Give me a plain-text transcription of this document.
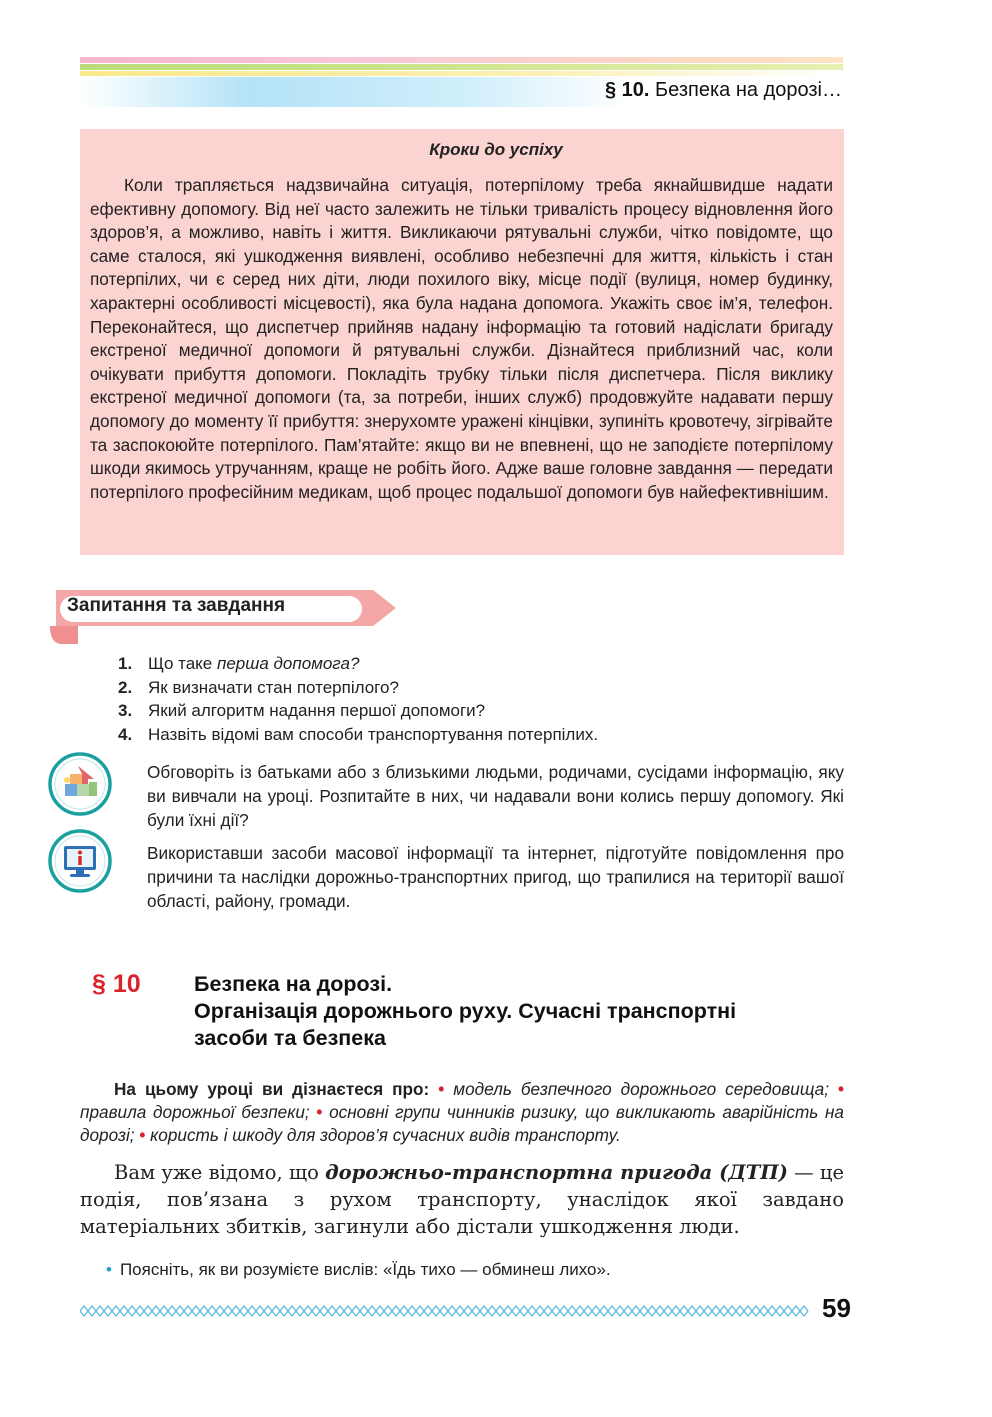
§ 10. Безпека на дорозі…
Кроки до успіху

Коли трапляється надзвичайна ситуація, потерпілому треба якнайшвидше надати ефективну допомогу. Від неї часто залежить не тільки тривалість процесу відновлення його здоров’я, а можливо, навіть і життя. Викликаючи рятувальні служби, чітко повідомте, що саме сталося, які ушкодження виявлені, особливо небезпечні для життя, кількість і стан потерпілих, чи є серед них діти, люди похилого віку, місце події (вулиця, номер будинку, характерні особливості місцевості), яка була надана допомога. Укажіть своє ім’я, телефон. Переконайтеся, що диспетчер прийняв надану інформацію та готовий надіслати бригаду екстреної медичної допомоги й рятувальні служби. Дізнайтеся приблизний час, коли очікувати прибуття допомоги. Покладіть трубку тільки після диспетчера. Після виклику екстреної медичної допомоги (та, за потреби, інших служб) продовжуйте надавати першу допомогу до моменту її прибуття: знерухомте уражені кінцівки, зупиніть кровотечу, зігрівайте та заспокоюйте потерпілого. Пам’ятайте: якщо ви не впевнені, що не заподієте потерпілому шкоди якимось утручанням, краще не робіть його. Адже ваше головне завдання — передати потерпілого професійним медикам, щоб процес подальшої допомоги був найефективнішим.

Запитання та завдання
1. Що таке перша допомога?
2. Як визначати стан потерпілого?
3. Який алгоритм надання першої допомоги?
4. Назвіть відомі вам способи транспортування потерпілих.

Обговоріть із батьками або з близькими людьми, родичами, сусідами інформацію, яку ви вивчали на уроці. Розпитайте в них, чи надавали вони колись першу допомогу. Які були їхні дії?

Використавши засоби масової інформації та інтернет, підготуйте повідомлення про причини та наслідки дорожньо-транспортних пригод, що трапилися на території вашої області, району, громади.

§ 10 Безпека на дорозі.
Організація дорожнього руху. Сучасні транспортні
засоби та безпека

На цьому уроці ви дізнаєтеся про: • модель безпечного дорожнього середовища; • правила дорожньої безпеки; • основні групи чинників ризику, що викликають аварійність на дорозі; • користь і шкоду для здоров’я сучасних видів транспорту.

Вам уже відомо, що дорожньо-транспортна пригода (ДТП) — це подія, пов’язана з рухом транспорту, унаслідок якої завдано матеріальних збитків, загинули або дістали ушкодження люди.

• Поясніть, як ви розумієте вислів: «Їдь тихо — обминеш лихо».
59
